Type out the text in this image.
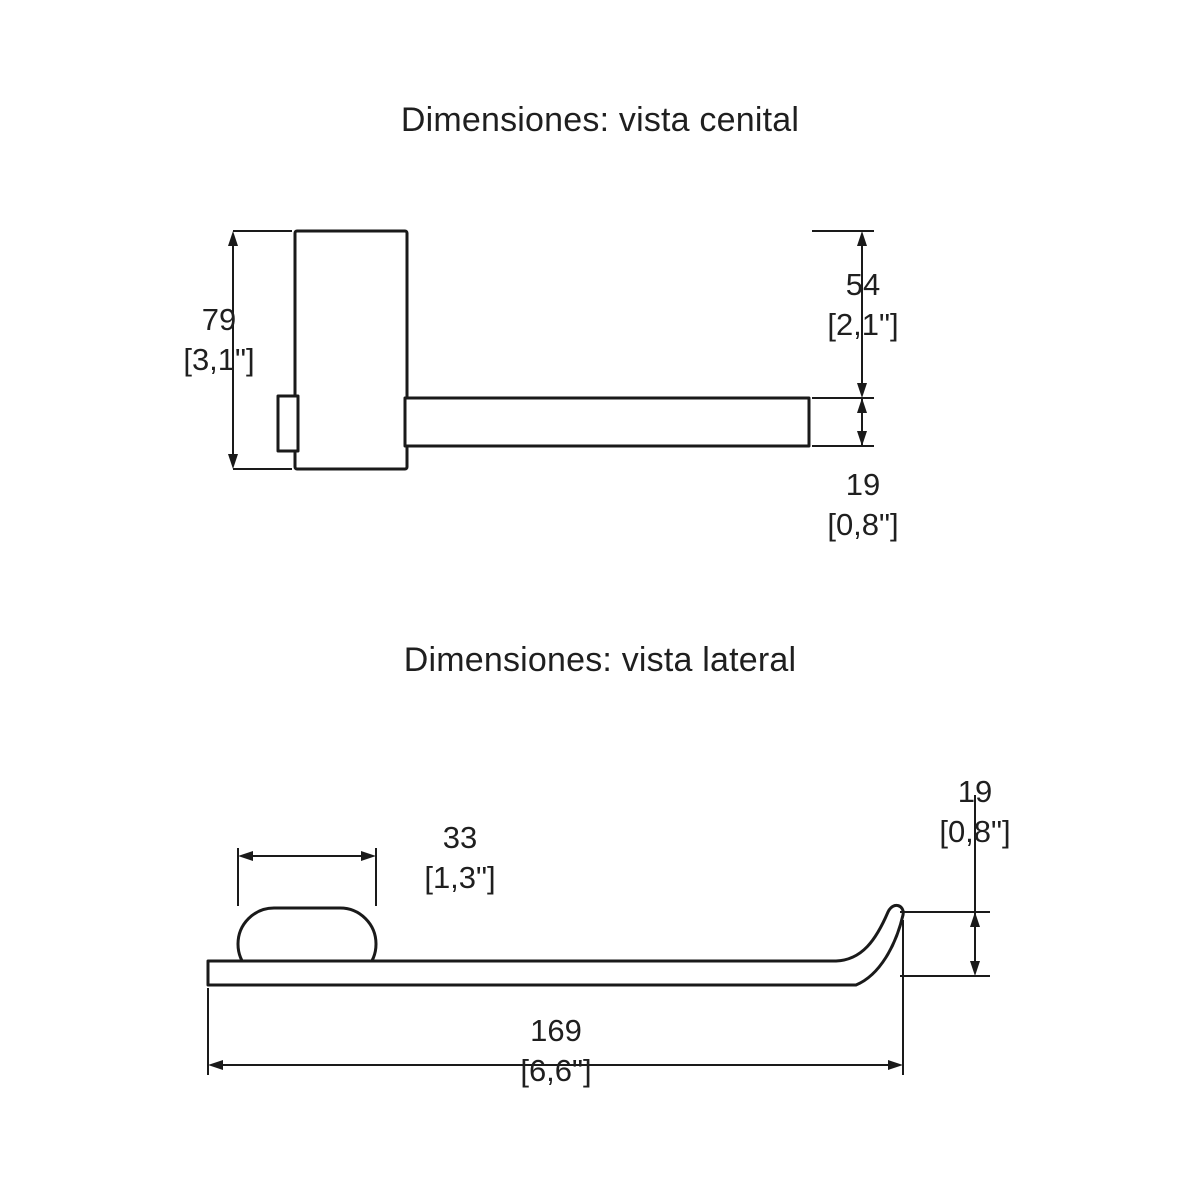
Dimensiones: vista cenital
Dimensiones: vista lateral
79
[3,1"]
54
[2,1"]
19
[0,8"]
33
[1,3"]
19
[0,8"]
169
[6,6"]
